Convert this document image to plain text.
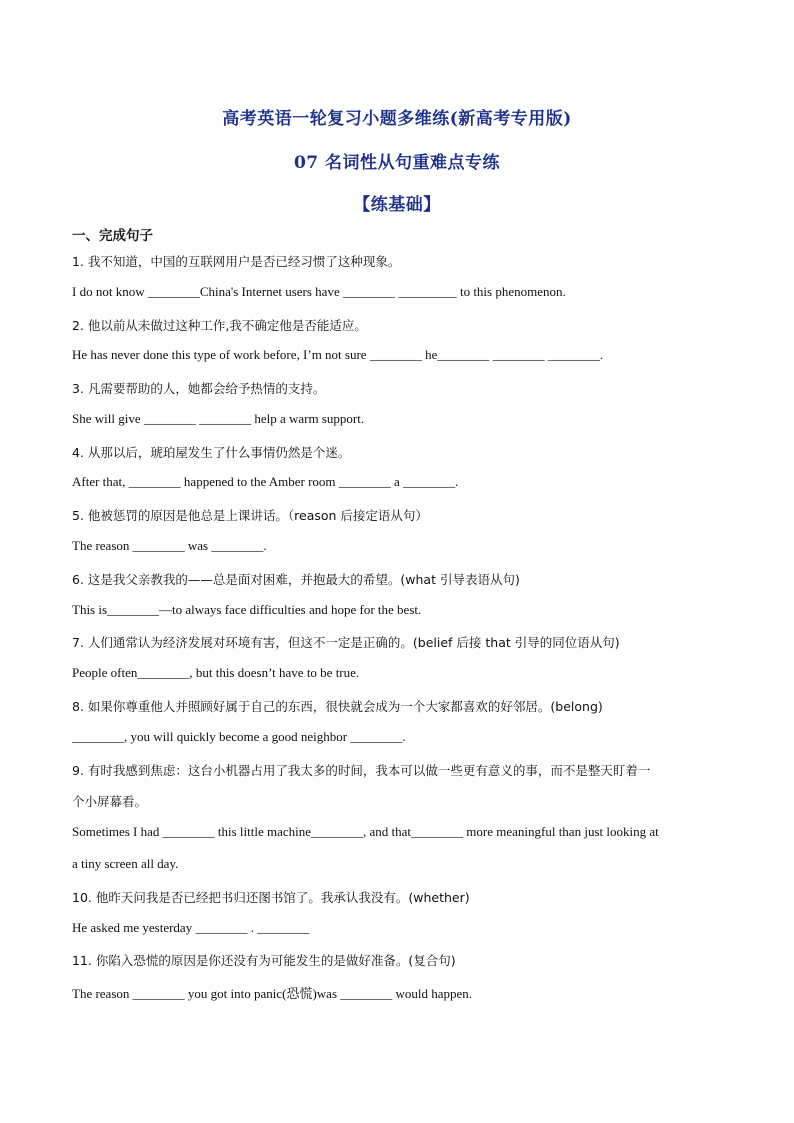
高考英语一轮复习小题多维练(新高考专用版)
07 名词性从句重难点专练
【练基础】
一、完成句子
1. 我不知道，中国的互联网用户是否已经习惯了这种现象。
I do not know ________China's Internet users have ________ _________ to this phenomenon.
2. 他以前从未做过这种工作,我不确定他是否能适应。
He has never done this type of work before, I’m not sure ________ he________ ________ ________.
3. 凡需要帮助的人，她都会给予热情的支持。
She will give ________ ________ help a warm support.
4. 从那以后，琥珀屋发生了什么事情仍然是个迷。
After that, ________ happened to the Amber room ________ a ________.
5. 他被惩罚的原因是他总是上课讲话。（reason 后接定语从句）
The reason ________ was ________.
6. 这是我父亲教我的——总是面对困难，并抱最大的希望。(what 引导表语从句)
This is________—to always face difficulties and hope for the best.
7. 人们通常认为经济发展对环境有害，但这不一定是正确的。(belief 后接 that 引导的同位语从句)
People often________, but this doesn’t have to be true.
8. 如果你尊重他人并照顾好属于自己的东西，很快就会成为一个大家都喜欢的好邻居。(belong)
________, you will quickly become a good neighbor ________.
9. 有时我感到焦虑：这台小机器占用了我太多的时间，我本可以做一些更有意义的事，而不是整天盯着一
个小屏幕看。
Sometimes I had ________ this little machine________, and that________ more meaningful than just looking at
a tiny screen all day.
10. 他昨天问我是否已经把书归还图书馆了。我承认我没有。(whether)
He asked me yesterday ________ . ________
11. 你陷入恐慌的原因是你还没有为可能发生的是做好准备。(复合句)
The reason ________ you got into panic(恐慌)was ________ would happen.
